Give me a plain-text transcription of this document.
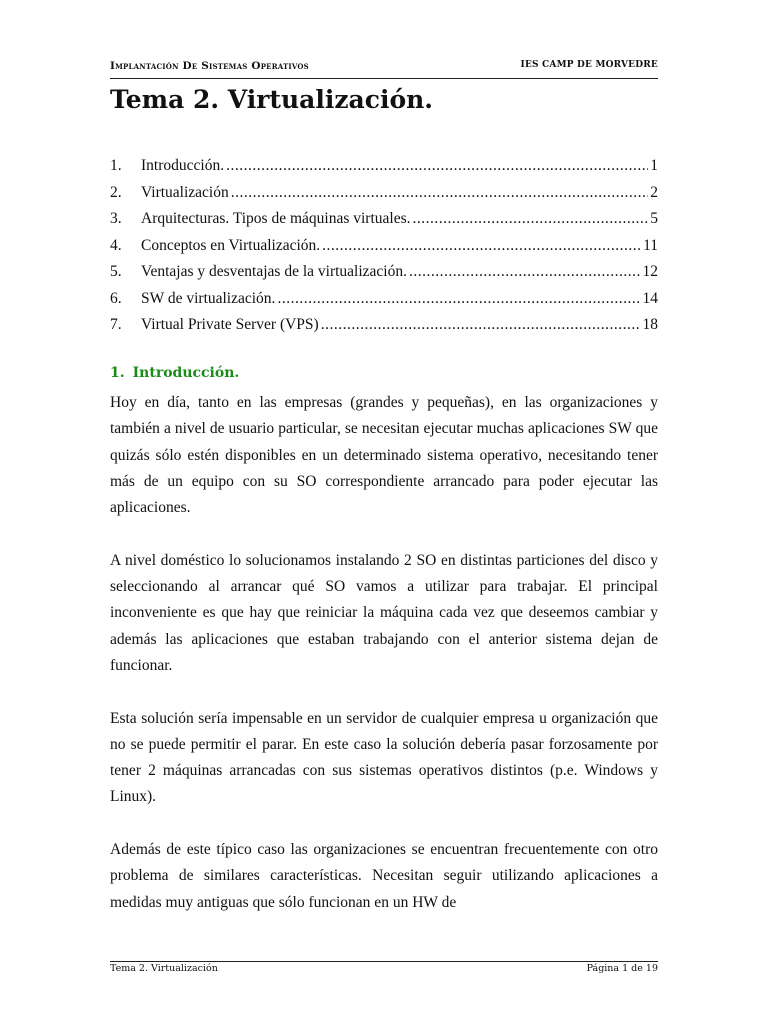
Implantación De Sistemas Operativos	IES CAMP DE MORVEDRE
Tema 2. Virtualización.
1.	Introducción. .....	1
2.	Virtualización .....	2
3.	Arquitecturas. Tipos de máquinas virtuales. .....	5
4.	Conceptos en Virtualización. .....	11
5.	Ventajas y desventajas de la virtualización. .....	12
6.	SW de virtualización. .....	14
7.	Virtual Private Server (VPS) .....	18
1. Introducción.

Hoy en día, tanto en las empresas (grandes y pequeñas), en las organizaciones y también a nivel de usuario particular, se necesitan ejecutar muchas aplicaciones SW que quizás sólo estén disponibles en un determinado sistema operativo, necesitando tener más de un equipo con su SO correspondiente arrancado para poder ejecutar las aplicaciones.

A nivel doméstico lo solucionamos instalando 2 SO en distintas particiones del disco y seleccionando al arrancar qué SO vamos a utilizar para trabajar. El principal inconveniente es que hay que reiniciar la máquina cada vez que deseemos cambiar y además las aplicaciones que estaban trabajando con el anterior sistema dejan de funcionar.

Esta solución sería impensable en un servidor de cualquier empresa u organización que no se puede permitir el parar. En este caso la solución debería pasar forzosamente por tener 2 máquinas arrancadas con sus sistemas operativos distintos (p.e. Windows y Linux).

Además de este típico caso las organizaciones se encuentran frecuentemente con otro problema de similares características. Necesitan seguir utilizando aplicaciones a medidas muy antiguas que sólo funcionan en un HW de

Tema 2. Virtualización	Página 1 de 19
